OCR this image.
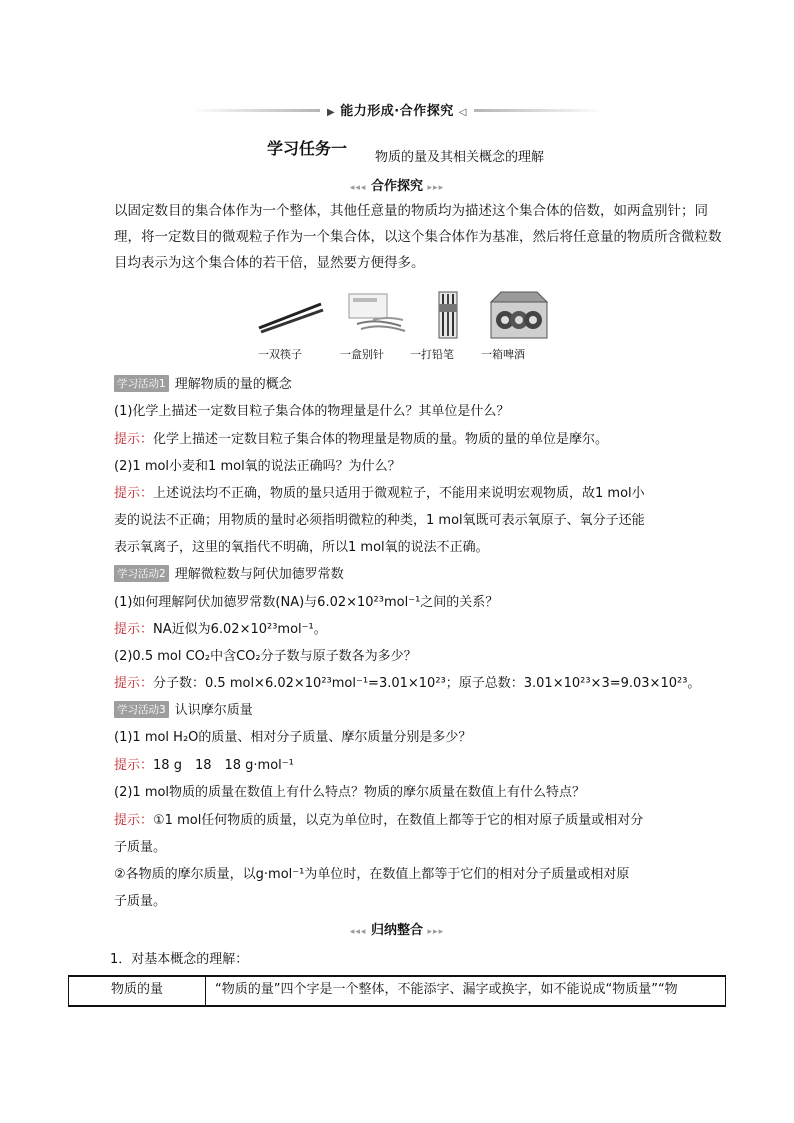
▶ 能力形成·合作探究 ◁
学习任务一 物质的量及其相关概念的理解
◂◂◂ 合作探究 ▸▸▸
以固定数目的集合体作为一个整体，其他任意量的物质均为描述这个集合体的倍数，如两盒别针；同理，将一定数目的微观粒子作为一个集合体，以这个集合体作为基准，然后将任意量的物质所含微粒数目均表示为这个集合体的若干倍，显然要方便得多。
一双筷子	一盒别针 一打铅笔 一箱啤酒
学习活动1 理解物质的量的概念
(1)化学上描述一定数目粒子集合体的物理量是什么？其单位是什么？
提示：化学上描述一定数目粒子集合体的物理量是物质的量。物质的量的单位是摩尔。
(2)1 mol小麦和1 mol氧的说法正确吗？为什么？
提示：上述说法均不正确，物质的量只适用于微观粒子，不能用来说明宏观物质，故1 mol小
麦的说法不正确；用物质的量时必须指明微粒的种类，1 mol氧既可表示氧原子、氧分子还能
表示氧离子，这里的氧指代不明确，所以1 mol氧的说法不正确。
学习活动2 理解微粒数与阿伏加德罗常数
(1)如何理解阿伏加德罗常数(NA)与6.02×10²³mol⁻¹之间的关系？
提示：NA近似为6.02×10²³mol⁻¹。
(2)0.5 mol CO₂中含CO₂分子数与原子数各为多少？
提示：分子数：0.5 mol×6.02×10²³mol⁻¹=3.01×10²³；原子总数：3.01×10²³×3=9.03×10²³。
学习活动3 认识摩尔质量
(1)1 mol H₂O的质量、相对分子质量、摩尔质量分别是多少？
提示：18 g　18　18 g·mol⁻¹
(2)1 mol物质的质量在数值上有什么特点？物质的摩尔质量在数值上有什么特点？
提示：①1 mol任何物质的质量，以克为单位时，在数值上都等于它的相对原子质量或相对分
子质量。
②各物质的摩尔质量，以g·mol⁻¹为单位时，在数值上都等于它们的相对分子质量或相对原
子质量。
◂◂◂ 归纳整合 ▸▸▸
1．对基本概念的理解：
物质的量	“物质的量”四个字是一个整体，不能添字、漏字或换字，如不能说成“物质量”“物
